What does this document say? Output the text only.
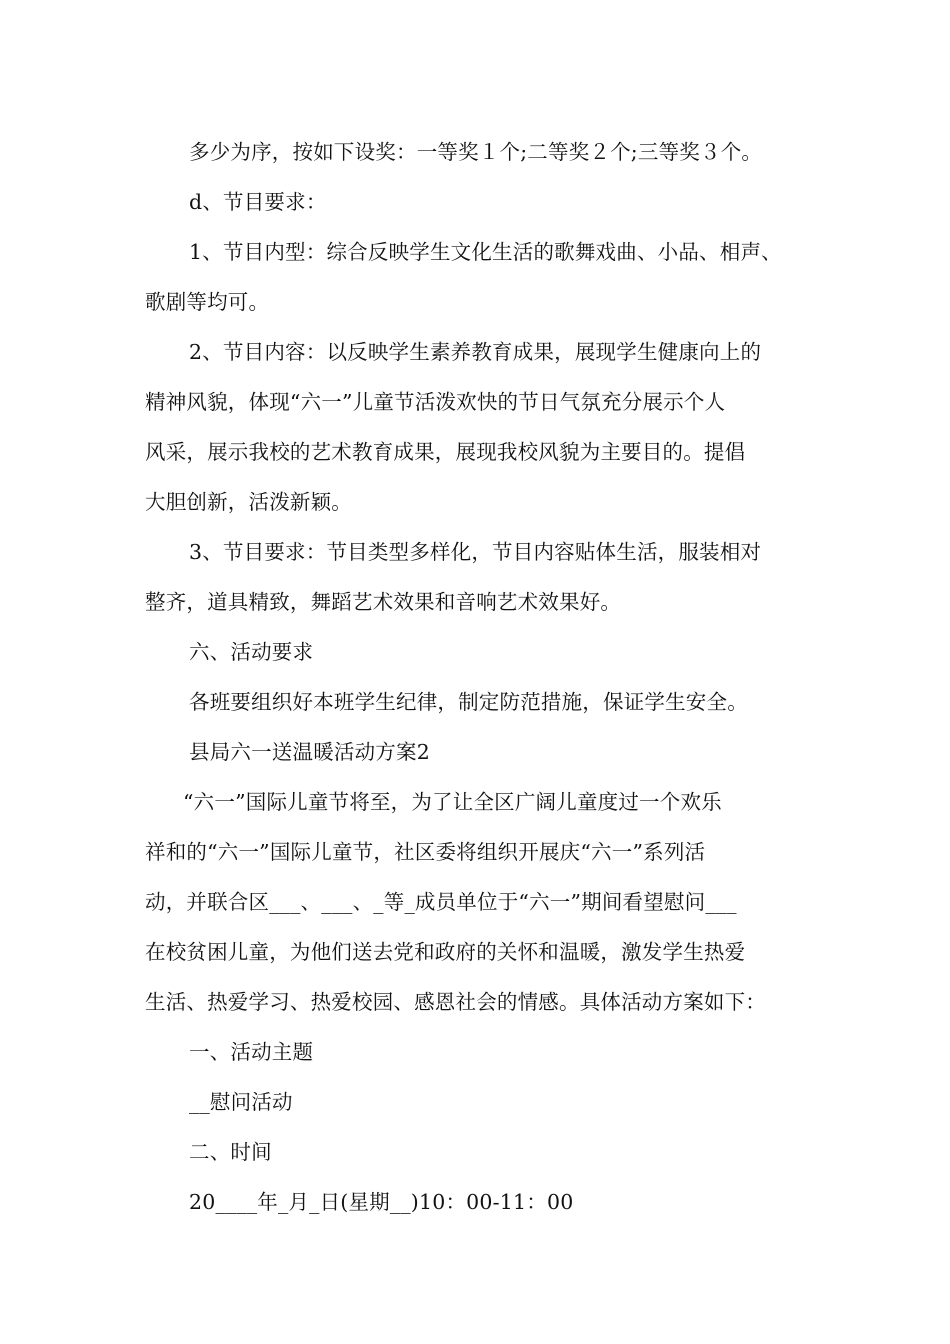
多少为序，按如下设奖：一等奖１个;二等奖２个;三等奖３个。
d、节目要求：
1、节目内型：综合反映学生文化生活的歌舞戏曲、小品、相声、
歌剧等均可。
2、节目内容：以反映学生素养教育成果，展现学生健康向上的
精神风貌，体现“六一”儿童节活泼欢快的节日气氛充分展示个人
风采，展示我校的艺术教育成果，展现我校风貌为主要目的。提倡
大胆创新，活泼新颖。
3、节目要求：节目类型多样化，节目内容贴体生活，服装相对
整齐，道具精致，舞蹈艺术效果和音响艺术效果好。
六、活动要求
各班要组织好本班学生纪律，制定防范措施，保证学生安全。
县局六一送温暖活动方案2
“六一”国际儿童节将至，为了让全区广阔儿童度过一个欢乐
祥和的“六一”国际儿童节，社区委将组织开展庆“六一”系列活
动，并联合区___、___、_等_成员单位于“六一”期间看望慰问___
在校贫困儿童，为他们送去党和政府的关怀和温暖，激发学生热爱
生活、热爱学习、热爱校园、感恩社会的情感。具体活动方案如下：
一、活动主题
__慰问活动
二、时间
20____年_月_日(星期__)10：00-11：00
